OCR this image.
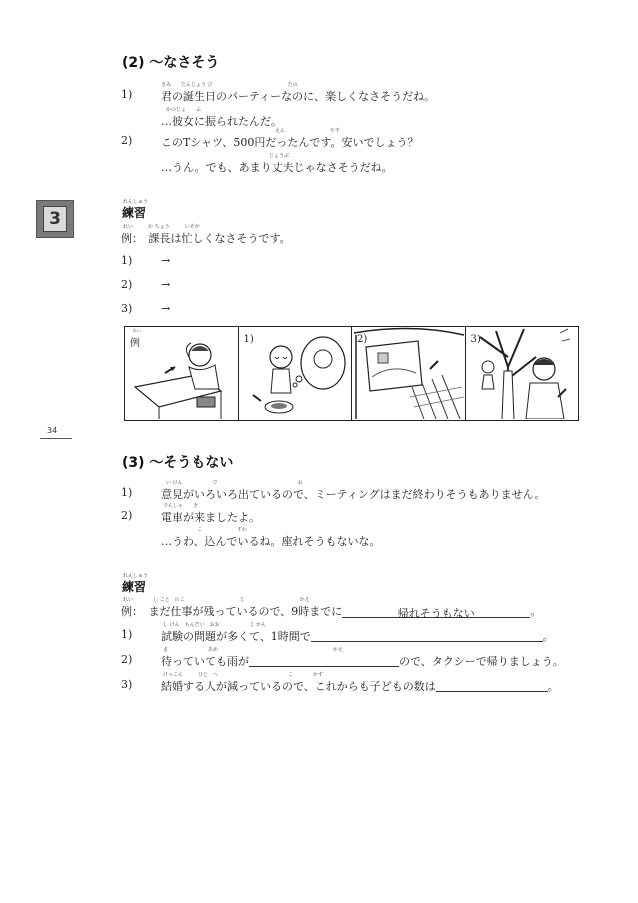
3
34
(2) ～なさそう
1)
きみ　　たんじょう び　　　　　　　　　　　　　　　たの
君の誕生日のパーティーなのに、楽しくなさそうだね。
かのじょ　　ふ
…彼女に振られたんだ。
2)
えん　　　　　　　　　やす
このTシャツ、500円だったんです。安いでしょう？
じょうぶ
…うん。でも、あまり丈夫じゃなさそうだね。
れんしゅう
練習
れい　　　か ちょう　　　いそが
例：　課長は忙しくなさそうです。
1)	→
2)	→
3)	→
れい
例	1)	2)	3)
(3) ～そうもない
1)
い けん　　　　　　で　　　　　　　　　　　　　　　　お
意見がいろいろ出ているので、ミーティングはまだ終わりそうもありません。
2)
でんしゃ　　き
電車が来ましたよ。
こ　　　　　　　すわ
…うわ、込んでいるね。座れそうもないな。
れんしゅう
練習
れい　　　　し ごと　のこ　　　　　　　　　　　じ　　　　　　　　　　　かえ
例：　まだ仕事が残っているので、9時までに	帰れそうもない	。
1)
し けん　もんだい　おお　　　　　　じ かん
試験の問題が多くて、1時間で	。
2)
ま　　　　　　　　あめ　　　　　　　　　　　　　　　　　　　　　　　かえ
待っていても雨が	ので、タクシーで帰りましょう。
3)
けっこん　　　ひと　へ　　　　　　　　　　　　　　こ　　　　かず
結婚する人が減っているので、これからも子どもの数は	。
